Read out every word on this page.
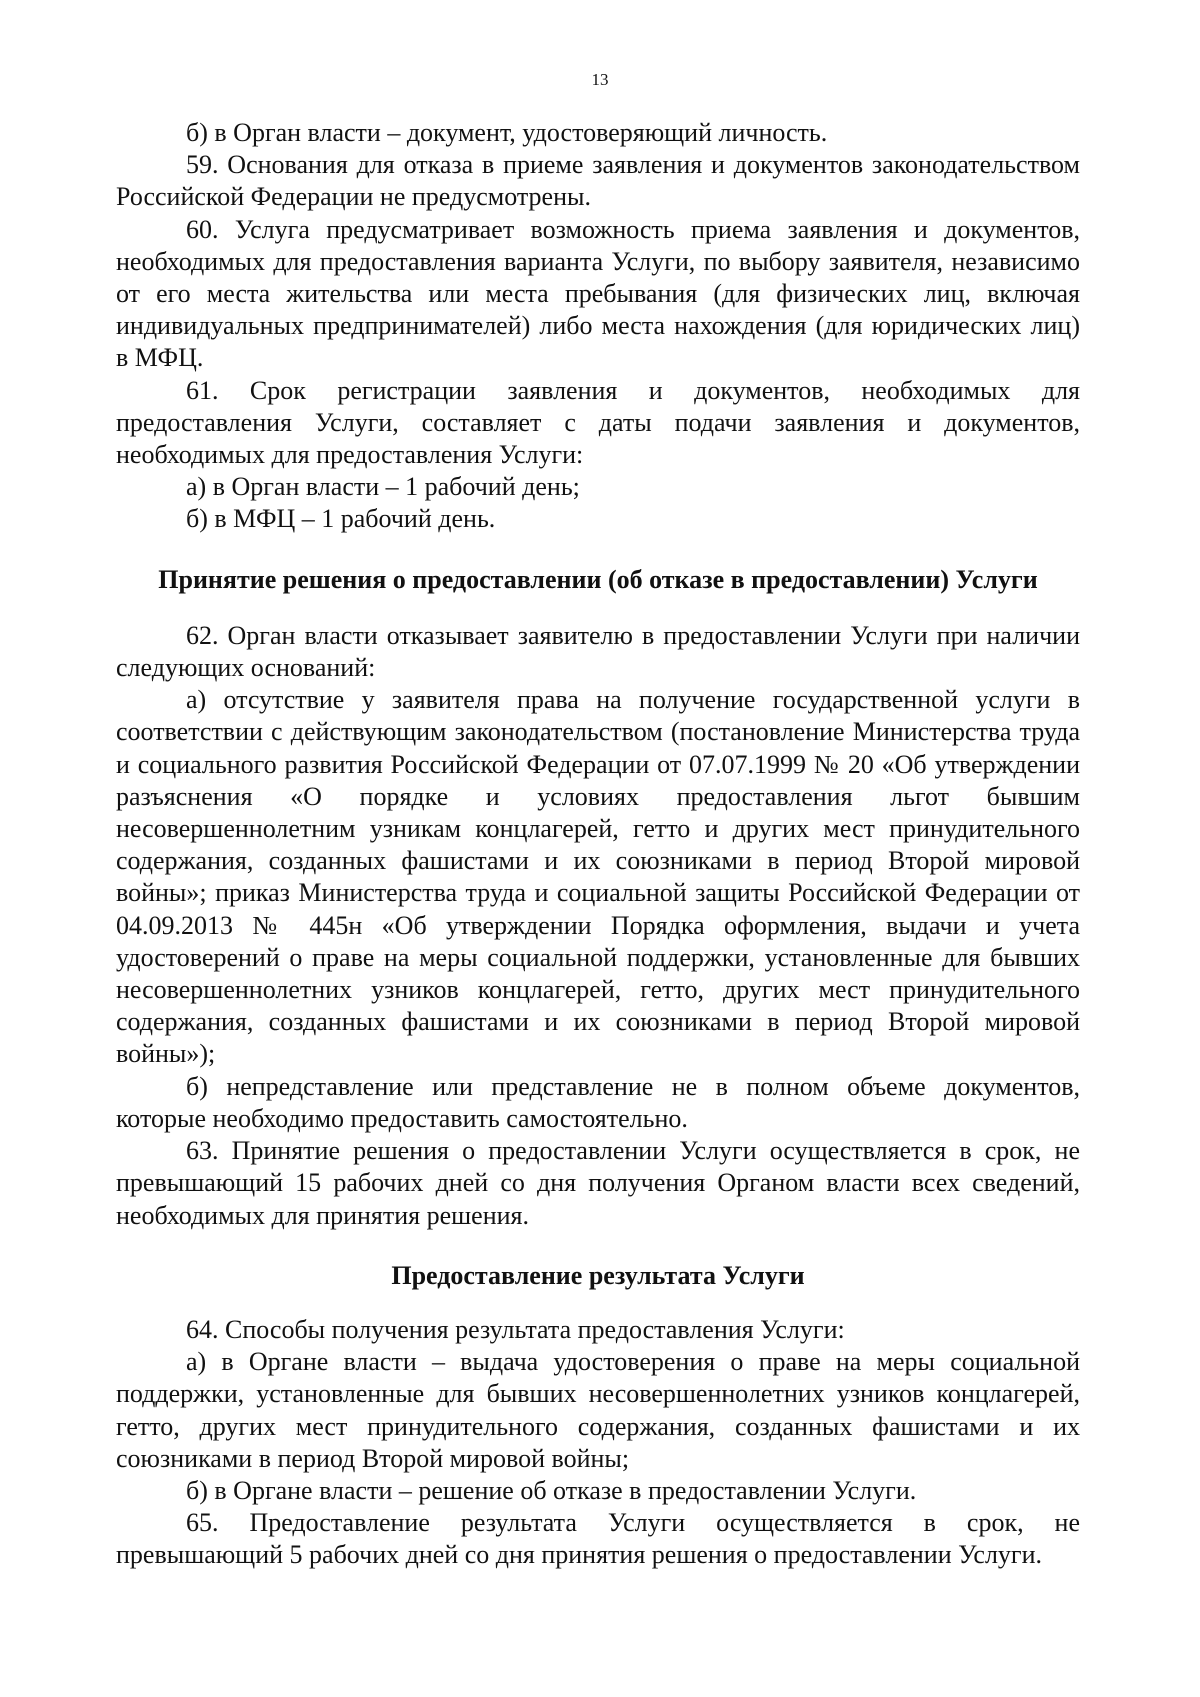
13

б) в Орган власти – документ, удостоверяющий личность.

59. Основания для отказа в приеме заявления и документов законодательством Российской Федерации не предусмотрены.

60. Услуга предусматривает возможность приема заявления и документов, необходимых для предоставления варианта Услуги, по выбору заявителя, независимо от его места жительства или места пребывания (для физических лиц, включая индивидуальных предпринимателей) либо места нахождения (для юридических лиц) в МФЦ.

61. Срок регистрации заявления и документов, необходимых для предоставления Услуги, составляет с даты подачи заявления и документов, необходимых для предоставления Услуги:

а) в Орган власти – 1 рабочий день;

б) в МФЦ – 1 рабочий день.

Принятие решения о предоставлении (об отказе в предоставлении) Услуги

62. Орган власти отказывает заявителю в предоставлении Услуги при наличии следующих оснований:

а) отсутствие у заявителя права на получение государственной услуги в соответствии с действующим законодательством (постановление Министерства труда и социального развития Российской Федерации от 07.07.1999 № 20 «Об утверждении разъяснения «О порядке и условиях предоставления льгот бывшим несовершеннолетним узникам концлагерей, гетто и других мест принудительного содержания, созданных фашистами и их союзниками в период Второй мировой войны»; приказ Министерства труда и социальной защиты Российской Федерации от 04.09.2013 № 445н «Об утверждении Порядка оформления, выдачи и учета удостоверений о праве на меры социальной поддержки, установленные для бывших несовершеннолетних узников концлагерей, гетто, других мест принудительного содержания, созданных фашистами и их союзниками в период Второй мировой войны»);

б) непредставление или представление не в полном объеме документов, которые необходимо предоставить самостоятельно.

63. Принятие решения о предоставлении Услуги осуществляется в срок, не превышающий 15 рабочих дней со дня получения Органом власти всех сведений, необходимых для принятия решения.

Предоставление результата Услуги

64. Способы получения результата предоставления Услуги:

а) в Органе власти – выдача удостоверения о праве на меры социальной поддержки, установленные для бывших несовершеннолетних узников концлагерей, гетто, других мест принудительного содержания, созданных фашистами и их союзниками в период Второй мировой войны;

б) в Органе власти – решение об отказе в предоставлении Услуги.

65. Предоставление результата Услуги осуществляется в срок, не превышающий 5 рабочих дней со дня принятия решения о предоставлении Услуги.
